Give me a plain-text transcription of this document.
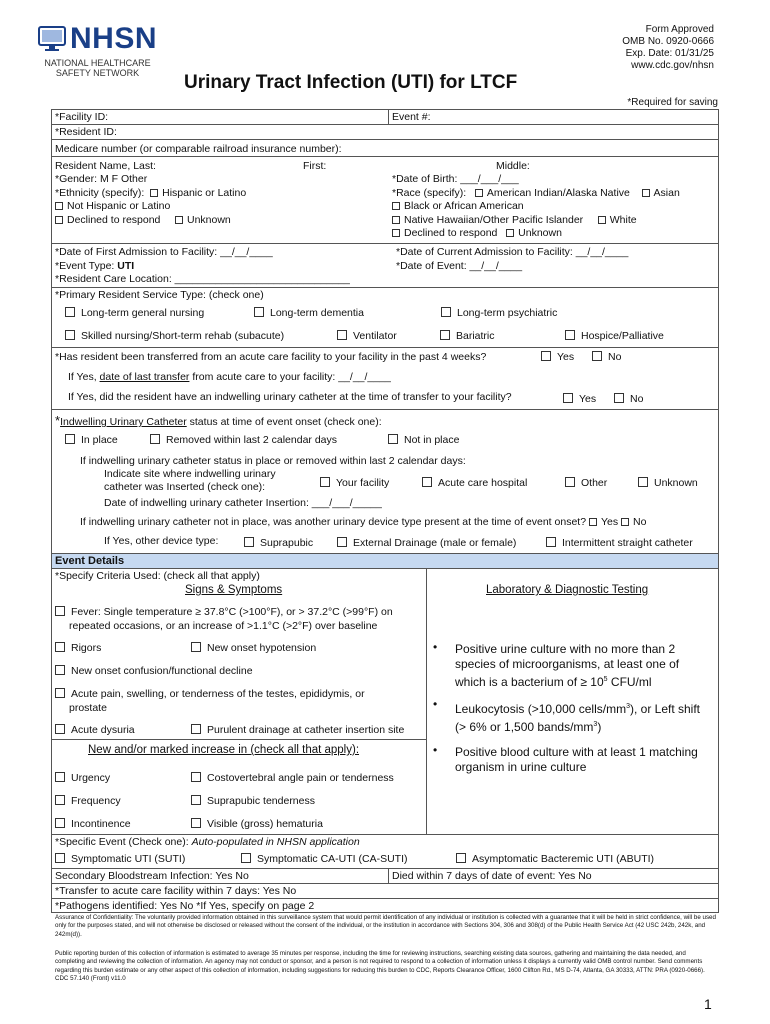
NHSN
NATIONAL HEALTHCARE
SAFETY NETWORK
Form Approved
OMB No. 0920-0666
Exp. Date: 01/31/25
www.cdc.gov/nhsn
Urinary Tract Infection (UTI) for LTCF
*Required for saving
*Facility ID:	Event #:
*Resident ID:
Medicare number (or comparable railroad insurance number):
Resident Name, Last:	First:	Middle:
*Gender: M F Other	*Date of Birth: ___/___/___
*Ethnicity (specify): Hispanic or Latino
Not Hispanic or Latino
Declined to respond	Unknown
*Race (specify): American Indian/Alaska Native Asian
Black or African American
Native Hawaiian/Other Pacific Islander	White
Declined to respond Unknown
*Date of First Admission to Facility: __/__/____	*Date of Current Admission to Facility: __/__/____
*Event Type: UTI	*Date of Event: __/__/____
*Resident Care Location: ______________________________
*Primary Resident Service Type: (check one)
Long-term general nursing	Long-term dementia	Long-term psychiatric
Skilled nursing/Short-term rehab (subacute)	Ventilator	Bariatric	Hospice/Palliative
*Has resident been transferred from an acute care facility to your facility in the past 4 weeks?	Yes	No
If Yes, date of last transfer from acute care to your facility: __/__/____
If Yes, did the resident have an indwelling urinary catheter at the time of transfer to your facility?	Yes	No
*Indwelling Urinary Catheter status at time of event onset (check one):
In place	Removed within last 2 calendar days	Not in place
If indwelling urinary catheter status in place or removed within last 2 calendar days:
Indicate site where indwelling urinary
catheter was Inserted (check one):	Your facility	Acute care hospital	Other	Unknown
Date of indwelling urinary catheter Insertion: ___/___/_____
If indwelling urinary catheter not in place, was another urinary device type present at the time of event onset? Yes No
If Yes, other device type:	Suprapubic	External Drainage (male or female)	Intermittent straight catheter
Event Details
*Specify Criteria Used: (check all that apply)
Signs & Symptoms	Laboratory & Diagnostic Testing
Fever: Single temperature ≥ 37.8°C (>100°F), or > 37.2°C (>99°F) on
repeated occasions, or an increase of >1.1°C (>2°F) over baseline
Rigors	New onset hypotension
New onset confusion/functional decline
Acute pain, swelling, or tenderness of the testes, epididymis, or
prostate
Acute dysuria	Purulent drainage at catheter insertion site
New and/or marked increase in (check all that apply):
Urgency	Costovertebral angle pain or tenderness
Frequency	Suprapubic tenderness
Incontinence	Visible (gross) hematuria
• Positive urine culture with no more than 2
species of microorganisms, at least one of
which is a bacterium of ≥ $10^5$ CFU/ml
• Leukocytosis (>10,000 cells/$mm^3$), or Left shift
(> 6% or 1,500 bands/$mm^3$)
• Positive blood culture with at least 1 matching
organism in urine culture
*Specific Event (Check one): Auto-populated in NHSN application
Symptomatic UTI (SUTI)	Symptomatic CA-UTI (CA-SUTI)	Asymptomatic Bacteremic UTI (ABUTI)
Secondary Bloodstream Infection: Yes No	Died within 7 days of date of event: Yes No
*Transfer to acute care facility within 7 days: Yes No
*Pathogens identified: Yes No *If Yes, specify on page 2
Assurance of Confidentiality: The voluntarily provided information obtained in this surveillance system that would permit identification of any individual or institution is collected with a guarantee that it will be held in strict confidence, will be used only for the purposes stated, and will not otherwise be disclosed or released without the consent of the individual, or the institution in accordance with Sections 304, 306 and 308(d) of the Public Health Service Act (42 USC 242b, 242k, and 242m(d)).
Public reporting burden of this collection of information is estimated to average 35 minutes per response, including the time for reviewing instructions, searching existing data sources, gathering and maintaining the data needed, and completing and reviewing the collection of information. An agency may not conduct or sponsor, and a person is not required to respond to a collection of information unless it displays a currently valid OMB control number. Send comments regarding this burden estimate or any other aspect of this collection of information, including suggestions for reducing this burden to CDC, Reports Clearance Officer, 1600 Clifton Rd., MS D-74, Atlanta, GA 30333, ATTN: PRA (0920-0666). CDC 57.140 (Front) v11.0
1
